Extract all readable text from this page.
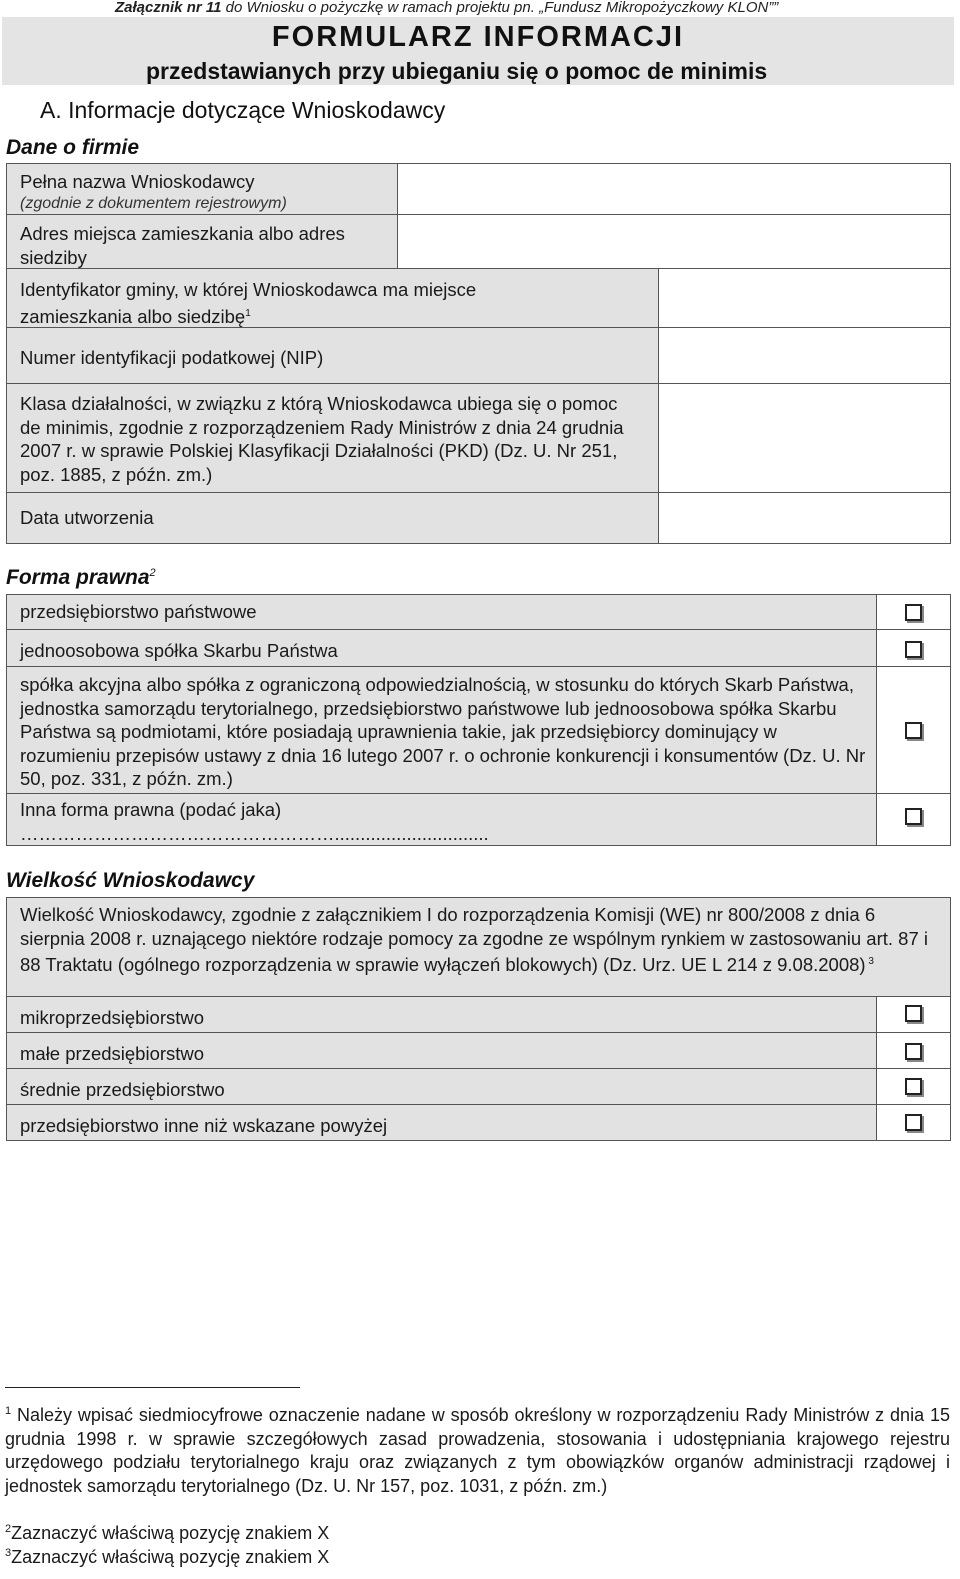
Załącznik nr 11 do Wniosku o pożyczkę w ramach projektu pn. „Fundusz Mikropożyczkowy KLON””
FORMULARZ INFORMACJI
przedstawianych przy ubieganiu się o pomoc de minimis
A. Informacje dotyczące Wnioskodawcy
Dane o firmie
Pełna nazwa Wnioskodawcy
(zgodnie z dokumentem rejestrowym)
Adres miejsca zamieszkania albo adres siedziby
Identyfikator gminy, w której Wnioskodawca ma miejsce zamieszkania albo siedzibę$^1$
Numer identyfikacji podatkowej (NIP)
Klasa działalności, w związku z którą Wnioskodawca ubiega się o pomoc de minimis, zgodnie z rozporządzeniem Rady Ministrów z dnia 24 grudnia 2007 r. w sprawie Polskiej Klasyfikacji Działalności (PKD) (Dz. U. Nr 251, poz. 1885, z późn. zm.)
Data utworzenia
Forma prawna$^2$
przedsiębiorstwo państwowe
jednoosobowa spółka Skarbu Państwa
spółka akcyjna albo spółka z ograniczoną odpowiedzialnością, w stosunku do których Skarb Państwa, jednostka samorządu terytorialnego, przedsiębiorstwo państwowe lub jednoosobowa spółka Skarbu Państwa są podmiotami, które posiadają uprawnienia takie, jak przedsiębiorcy dominujący w rozumieniu przepisów ustawy z dnia 16 lutego 2007 r. o ochronie konkurencji i konsumentów (Dz. U. Nr 50, poz. 331, z późn. zm.)
Inna forma prawna (podać jaka)
……………………………………………..............................
Wielkość Wnioskodawcy
Wielkość Wnioskodawcy, zgodnie z załącznikiem I do rozporządzenia Komisji (WE) nr 800/2008 z dnia 6 sierpnia 2008 r. uznającego niektóre rodzaje pomocy za zgodne ze wspólnym rynkiem w zastosowaniu art. 87 i 88 Traktatu (ogólnego rozporządzenia w sprawie wyłączeń blokowych) (Dz. Urz. UE L 214 z 9.08.2008) $^3$
mikroprzedsiębiorstwo
małe przedsiębiorstwo
średnie przedsiębiorstwo
przedsiębiorstwo inne niż wskazane powyżej
$^1$ Należy wpisać siedmiocyfrowe oznaczenie nadane w sposób określony w rozporządzeniu Rady Ministrów z dnia 15 grudnia 1998 r. w sprawie szczegółowych zasad prowadzenia, stosowania i udostępniania krajowego rejestru urzędowego podziału terytorialnego kraju oraz związanych z tym obowiązków organów administracji rządowej i jednostek samorządu terytorialnego (Dz. U. Nr 157, poz. 1031, z późn. zm.)
$^2$Zaznaczyć właściwą pozycję znakiem X
$^3$Zaznaczyć właściwą pozycję znakiem X
